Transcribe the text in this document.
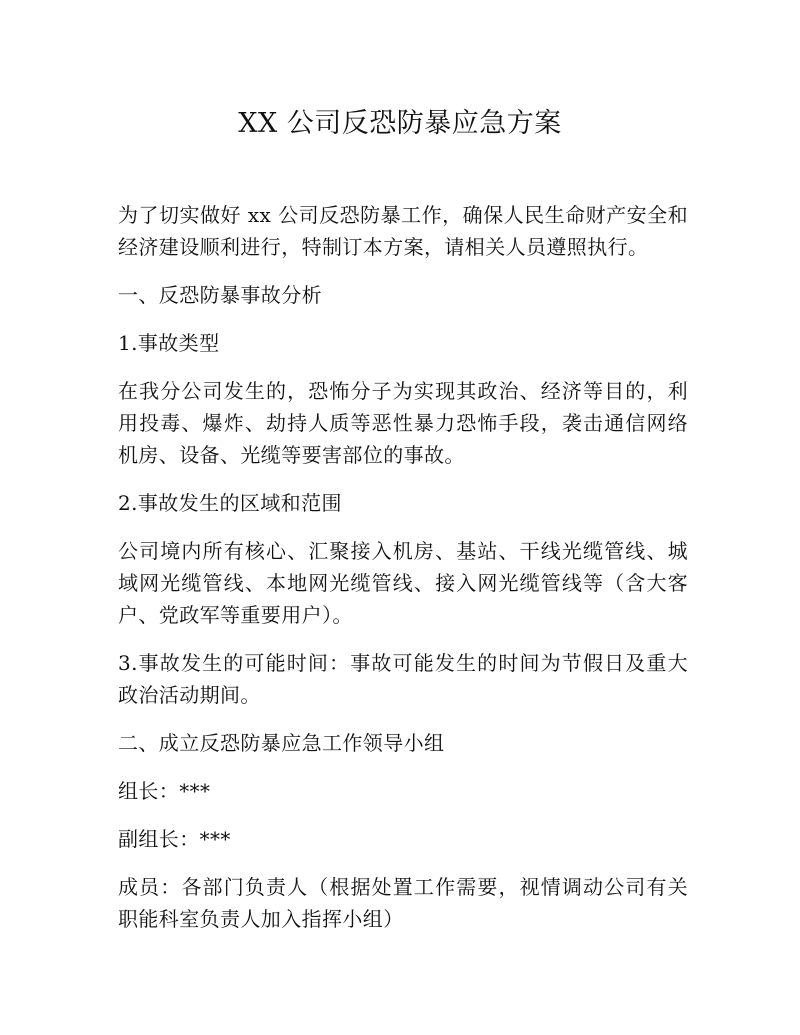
XX 公司反恐防暴应急方案

为了切实做好 xx 公司反恐防暴工作，确保人民生命财产安全和经济建设顺利进行，特制订本方案，请相关人员遵照执行。

一、反恐防暴事故分析

1.事故类型

在我分公司发生的，恐怖分子为实现其政治、经济等目的，利用投毒、爆炸、劫持人质等恶性暴力恐怖手段，袭击通信网络机房、设备、光缆等要害部位的事故。

2.事故发生的区域和范围

公司境内所有核心、汇聚接入机房、基站、干线光缆管线、城域网光缆管线、本地网光缆管线、接入网光缆管线等（含大客户、党政军等重要用户）。

3.事故发生的可能时间：事故可能发生的时间为节假日及重大政治活动期间。

二、成立反恐防暴应急工作领导小组

组长：***

副组长：***

成员：各部门负责人（根据处置工作需要，视情调动公司有关职能科室负责人加入指挥小组）
